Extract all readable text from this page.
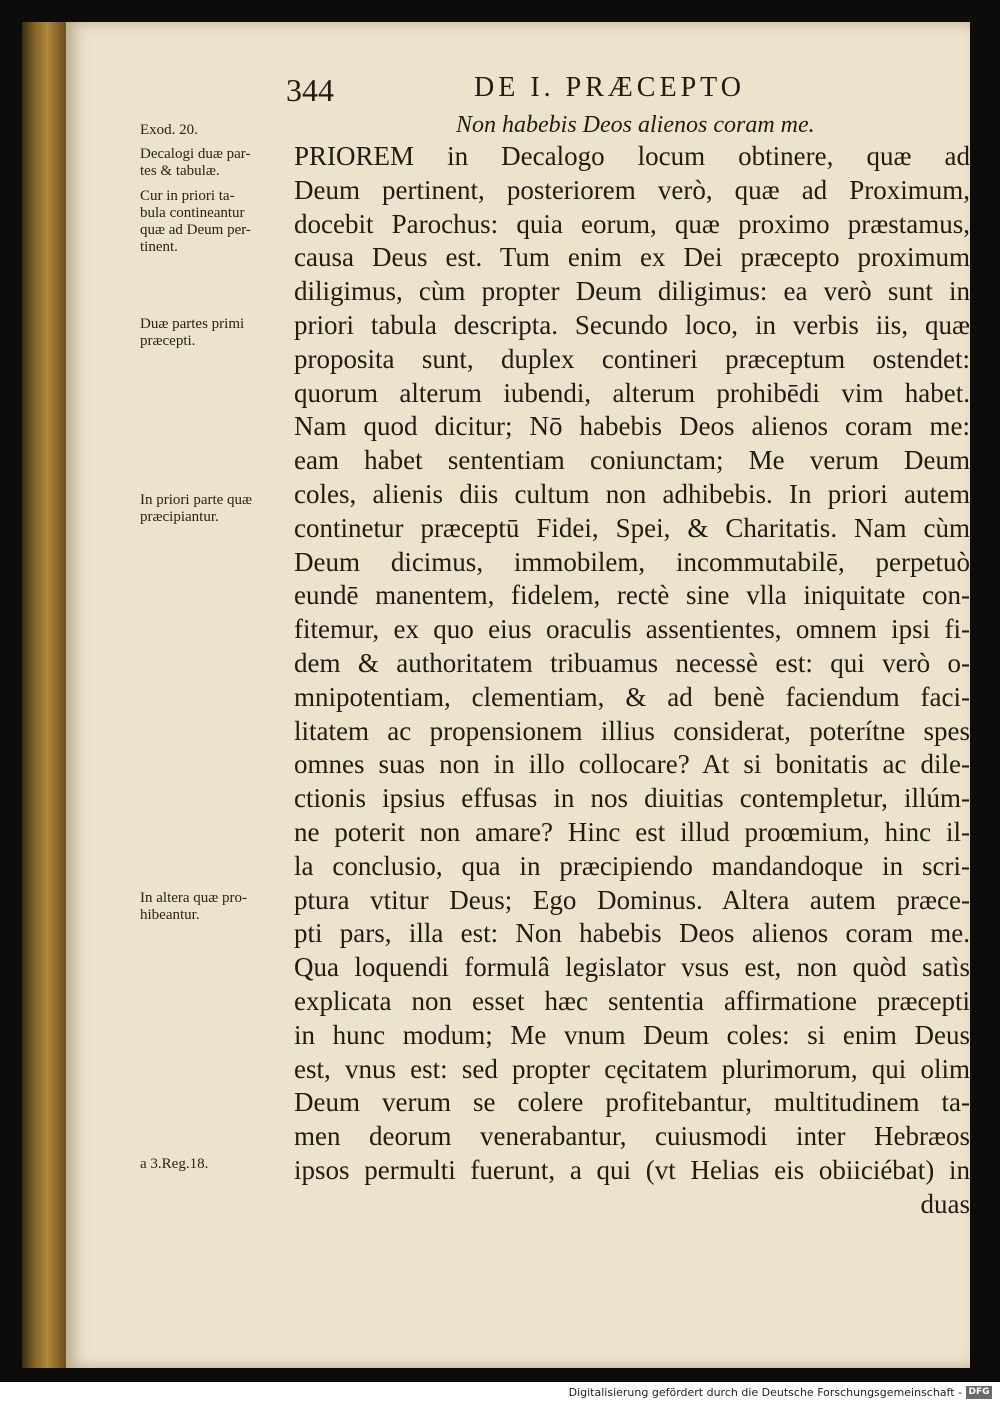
344	DE I. PRÆCEPTO
Non habebis Deos alienos coram me.
Exod. 20.
Decalogi duæ par-
tes & tabulæ.
Cur in priori ta-
bula contineantur
quæ ad Deum per-
tinent.
Duæ partes primi
præcepti.
In priori parte quæ
præcipiantur.
In altera quæ pro-
hibeantur.
a 3.Reg.18.
PRIOREM in Decalogo locum obtinere, quæ ad
Deum pertinent, posteriorem verò, quæ ad Proximum,
docebit Parochus: quia eorum, quæ proximo præstamus,
causa Deus est. Tum enim ex Dei præcepto proximum
diligimus, cùm propter Deum diligimus: ea verò sunt in
priori tabula descripta. Secundo loco, in verbis iis, quæ
proposita sunt, duplex contineri præceptum ostendet:
quorum alterum iubendi, alterum prohibēdi vim habet.
Nam quod dicitur; Nō habebis Deos alienos coram me:
eam habet sententiam coniunctam; Me verum Deum
coles, alienis diis cultum non adhibebis. In priori autem
continetur præceptū Fidei, Spei, & Charitatis. Nam cùm
Deum dicimus, immobilem, incommutabilē, perpetuò
eundē manentem, fidelem, rectè sine vlla iniquitate con-
fitemur, ex quo eius oraculis assentientes, omnem ipsi fi-
dem & authoritatem tribuamus necessè est: qui verò o-
mnipotentiam, clementiam, & ad benè faciendum faci-
litatem ac propensionem illius considerat, poterítne spes
omnes suas non in illo collocare? At si bonitatis ac dile-
ctionis ipsius effusas in nos diuitias contempletur, illúm-
ne poterit non amare? Hinc est illud proœmium, hinc il-
la conclusio, qua in præcipiendo mandandoque in scri-
ptura vtitur Deus; Ego Dominus. Altera autem præce-
pti pars, illa est: Non habebis Deos alienos coram me.
Qua loquendi formulâ legislator vsus est, non quòd satìs
explicata non esset hæc sententia affirmatione præcepti
in hunc modum; Me vnum Deum coles: si enim Deus
est, vnus est: sed propter cęcitatem plurimorum, qui olim
Deum verum se colere profitebantur, multitudinem ta-
men deorum venerabantur, cuiusmodi inter Hebræos
ipsos permulti fuerunt, a qui (vt Helias eis obiiciébat) in
duas
Digitalisierung gefördert durch die Deutsche Forschungsgemeinschaft - DFG
